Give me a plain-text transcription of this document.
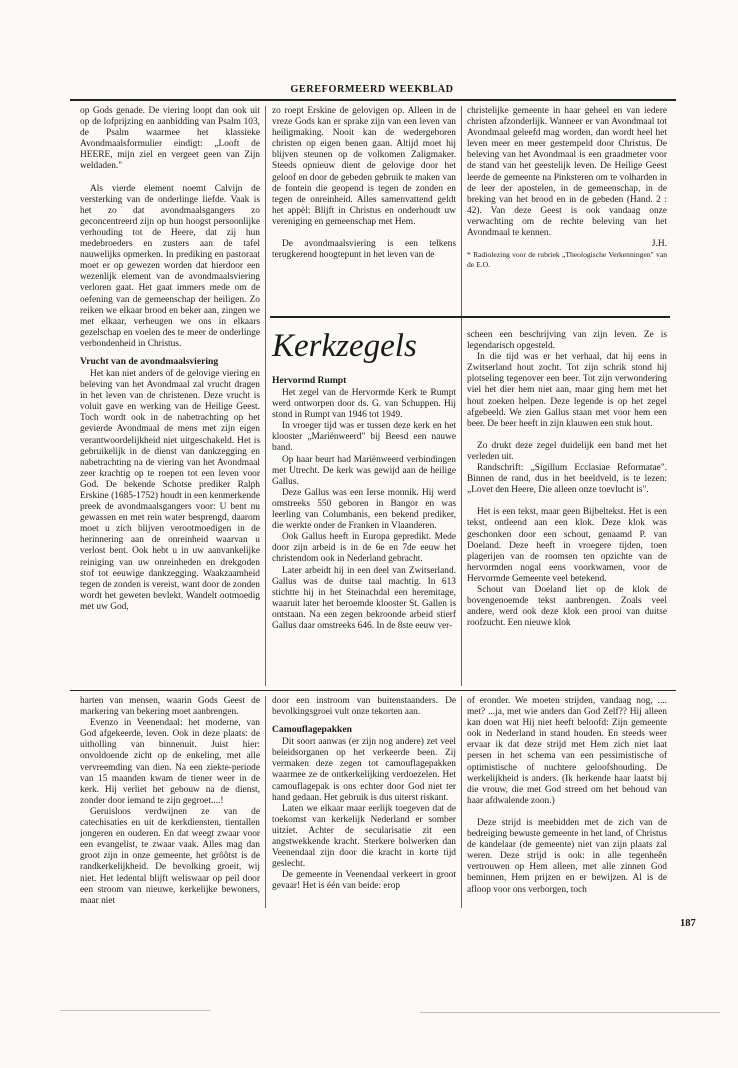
GEREFORMEERD WEEKBLAD

op Gods genade. De viering loopt dan ook uit op de lofprijzing en aanbidding van Psalm 103, de Psalm waarmee het klassieke Avondmaalsformulier eindigt: „Looft de HEERE, mijn ziel en vergeet geen van Zijn weldaden."

Als vierde element noemt Calvijn de versterking van de onderlinge liefde. Vaak is het zo dat avondmaalsgangers zo geconcentreerd zijn op hun hoogst persoonlijke verhouding tot de Heere, dat zij hun medebroeders en zusters aan de tafel nauwelijks opmerken. In prediking en pastoraat moet er op gewezen worden dat hierdoor een wezenlijk element van de avondmaalsviering verloren gaat. Het gaat immers mede om de oefening van de gemeenschap der heiligen. Zo reiken we elkaar brood en beker aan, zingen we met elkaar, verheugen we ons in elkaars gezelschap en voelen des te meer de onderlinge verbondenheid in Christus.

Vrucht van de avondmaalsviering

Het kan niet anders of de gelovige viering en beleving van het Avondmaal zal vrucht dragen in het leven van de christenen. Deze vrucht is voluit gave en werking van de Heilige Geest. Toch wordt ook in de nabetrachting op het gevierde Avondmaal de mens met zijn eigen verantwoordelijkheid niet uitgeschakeld. Het is gebruikelijk in de dienst van dankzegging en nabetrachting na de viering van het Avondmaal zeer krachtig op te roepen tot een leven voor God. De bekende Schotse prediker Ralph Erskine (1685-1752) houdt in een kenmerkende preek de avondmaalsgangers voor: U bent nu gewassen en met rein water besprengd, daarom moet u zich blijven verootmoedigen in de herinnering aan de onreinheid waarvan u verlost bent. Ook hebt u in uw aanvankelijke reiniging van uw onreinheden en drekgoden stof tot eeuwige dankzegging. Waakzaamheid tegen de zonden is vereist, want door de zonden wordt het geweten bevlekt. Wandelt ootmoedig met uw God,

zo roept Erskine de gelovigen op. Alleen in de vreze Gods kan er sprake zijn van een leven van heiligmaking. Nooit kan de wedergeboren christen op eigen benen gaan. Altijd moet hij blijven steunen op de volkomen Zaligmaker. Steeds opnieuw dient de gelovige door het geloof en door de gebeden gebruik te maken van de fontein die geopend is tegen de zonden en tegen de onreinheid. Alles samenvattend geldt het appèl: Blijft in Christus en onderhoudt uw vereniging en gemeenschap met Hem.

De avondmaalsviering is een telkens terugkerend hoogtepunt in het leven van de

christelijke gemeente in haar geheel en van iedere christen afzonderlijk. Wanneer er van Avondmaal tot Avondmaal geleefd mag worden, dan wordt heel het leven meer en meer gestempeld door Christus. De beleving van het Avondmaal is een graadmeter voor de stand van het geestelijk leven. De Heilige Geest leerde de gemeente na Pinksteren om te volharden in de leer der apostelen, in de gemeenschap, in de breking van het brood en in de gebeden (Hand. 2 : 42). Van deze Geest is ook vandaag onze verwachting om de rechte beleving van het Avondmaal te kennen.

J.H.

* Radiolezing voor de rubriek „Theologische Verkenningen" van de E.O.

Kerkzegels
Hervormd Rumpt

Het zegel van de Hervormde Kerk te Rumpt werd ontworpen door ds. G. van Schuppen. Hij stond in Rumpt van 1946 tot 1949.

In vroeger tijd was er tussen deze kerk en het klooster „Mariënweerd" bij Beesd een nauwe band.

Op haar beurt had Mariënweerd verbindingen met Utrecht. De kerk was gewijd aan de heilige Gallus.

Deze Gallus was een Ierse monnik. Hij werd omstreeks 550 geboren in Bangor en was leerling van Columbanis, een bekend prediker, die werkte onder de Franken in Vlaanderen.

Ook Gallus heeft in Europa gepredikt. Mede door zijn arbeid is in de 6e en 7de eeuw het christendom ook in Nederland gebracht.

Later arbeidt hij in een deel van Zwitserland. Gallus was de duitse taal machtig. In 613 stichtte hij in het Steinachdal een heremitage, waaruit later het beroemde klooster St. Gallen is ontstaan. Na een zegen bekroonde arbeid stierf Gallus daar omstreeks 646. In de 8ste eeuw ver-

scheen een beschrijving van zijn leven. Ze is legendarisch opgesteld.

In die tijd was er het verhaal, dat hij eens in Zwitserland hout zocht. Tot zijn schrik stond hij plotseling tegenover een beer. Tot zijn verwondering viel het dier hem niet aan, maar ging hem met het hout zoeken helpen. Deze legende is op het zegel afgebeeld. We zien Gallus staan met voor hem een beer. De beer heeft in zijn klauwen een stuk hout.

Zo drukt deze zegel duidelijk een band met het verleden uit.

Randschrift: „Sigillum Ecclasiae Reformatae". Binnen de rand, dus in het beeldveld, is te lezen: „Lovet den Heere, Die alleen onze toevlucht is".

Het is een tekst, maar geen Bijbeltekst. Het is een tekst, ontleend aan een klok. Deze klok was geschonken door een schout, genaamd P. van Doeland. Deze heeft in vroegere tijden, toen plagerijen van de roomsen ten opzichte van de hervormden nogal eens voorkwamen, voor de Hervormde Gemeente veel betekend.

Schout van Doeland liet op de klok de bovengenoemde tekst aanbrengen. Zoals veel andere, werd ook deze klok een prooi van duitse roofzucht. Een nieuwe klok

harten van mensen, waarin Gods Geest de markering van bekering moet aanbrengen.

Evenzo in Veenendaal: het moderne, van God afgekeerde, leven. Ook in deze plaats: de uitholling van binnenuit. Juist hier: onvoldoende zicht op de enkeling, met alle vervreemding van dien. Na een ziekte-periode van 15 maanden kwam de tiener weer in de kerk. Hij verliet het gebouw na de dienst, zonder door iemand te zijn gegroet....!

Geruisloos verdwijnen ze van de catechisaties en uit de kerkdiensten, tientallen jongeren en ouderen. En dat weegt zwaar voor een evangelist, te zwaar vaak. Alles mag dan groot zijn in onze gemeente, het grôôtst is de randkerkelijkheid. De bevolking groeit, wij niet. Het ledental blijft weliswaar op peil door een stroom van nieuwe, kerkelijke bewoners, maar niet

door een instroom van buitenstaanders. De bevolkingsgroei vult onze tekorten aan.

Camouflagepakken

Dit soort aanwas (er zijn nog andere) zet veel beleidsorganen op het verkeerde been. Zij vermaken deze zegen tot camouflagepakken waarmee ze de ontkerkelijking verdoezelen. Het camouflagepak is ons echter door God niet ter hand gedaan. Het gebruik is dus uiterst riskant.

Laten we elkaar maar eerlijk toegeven dat de toekomst van kerkelijk Nederland er somber uitziet. Achter de secularisatie zit een angstwekkende kracht. Sterkere bolwerken dan Veenendaal zijn door die kracht in korte tijd geslecht.

De gemeente in Veenendaal verkeert in groot gevaar! Het is één van beide: erop

of eronder. We moeten strijden, vandaag nog, .... met? ...ja, met wie anders dan God Zelf?? Hij alleen kan doen wat Hij niet heeft beloofd: Zijn gemeente ook in Nederland in stand houden. En steeds weer ervaar ik dat deze strijd met Hem zich niet laat persen in het schema van een pessimistische of optimistische of nuchtere geloofshouding. De werkelijkheid is anders. (Ik herkende haar laatst bij die vrouw, die met God streed om het behoud van haar afdwalende zoon.)

Deze strijd is meebidden met de zich van de bedreiging bewuste gemeente in het land, of Christus de kandelaar (de gemeente) niet van zijn plaats zal weren. Deze strijd is ook: in alle tegenheên vertrouwen op Hem alleen, met alle zinnen God beminnen, Hem prijzen en er bewijzen. Al is de afloop voor ons verborgen, toch

187
